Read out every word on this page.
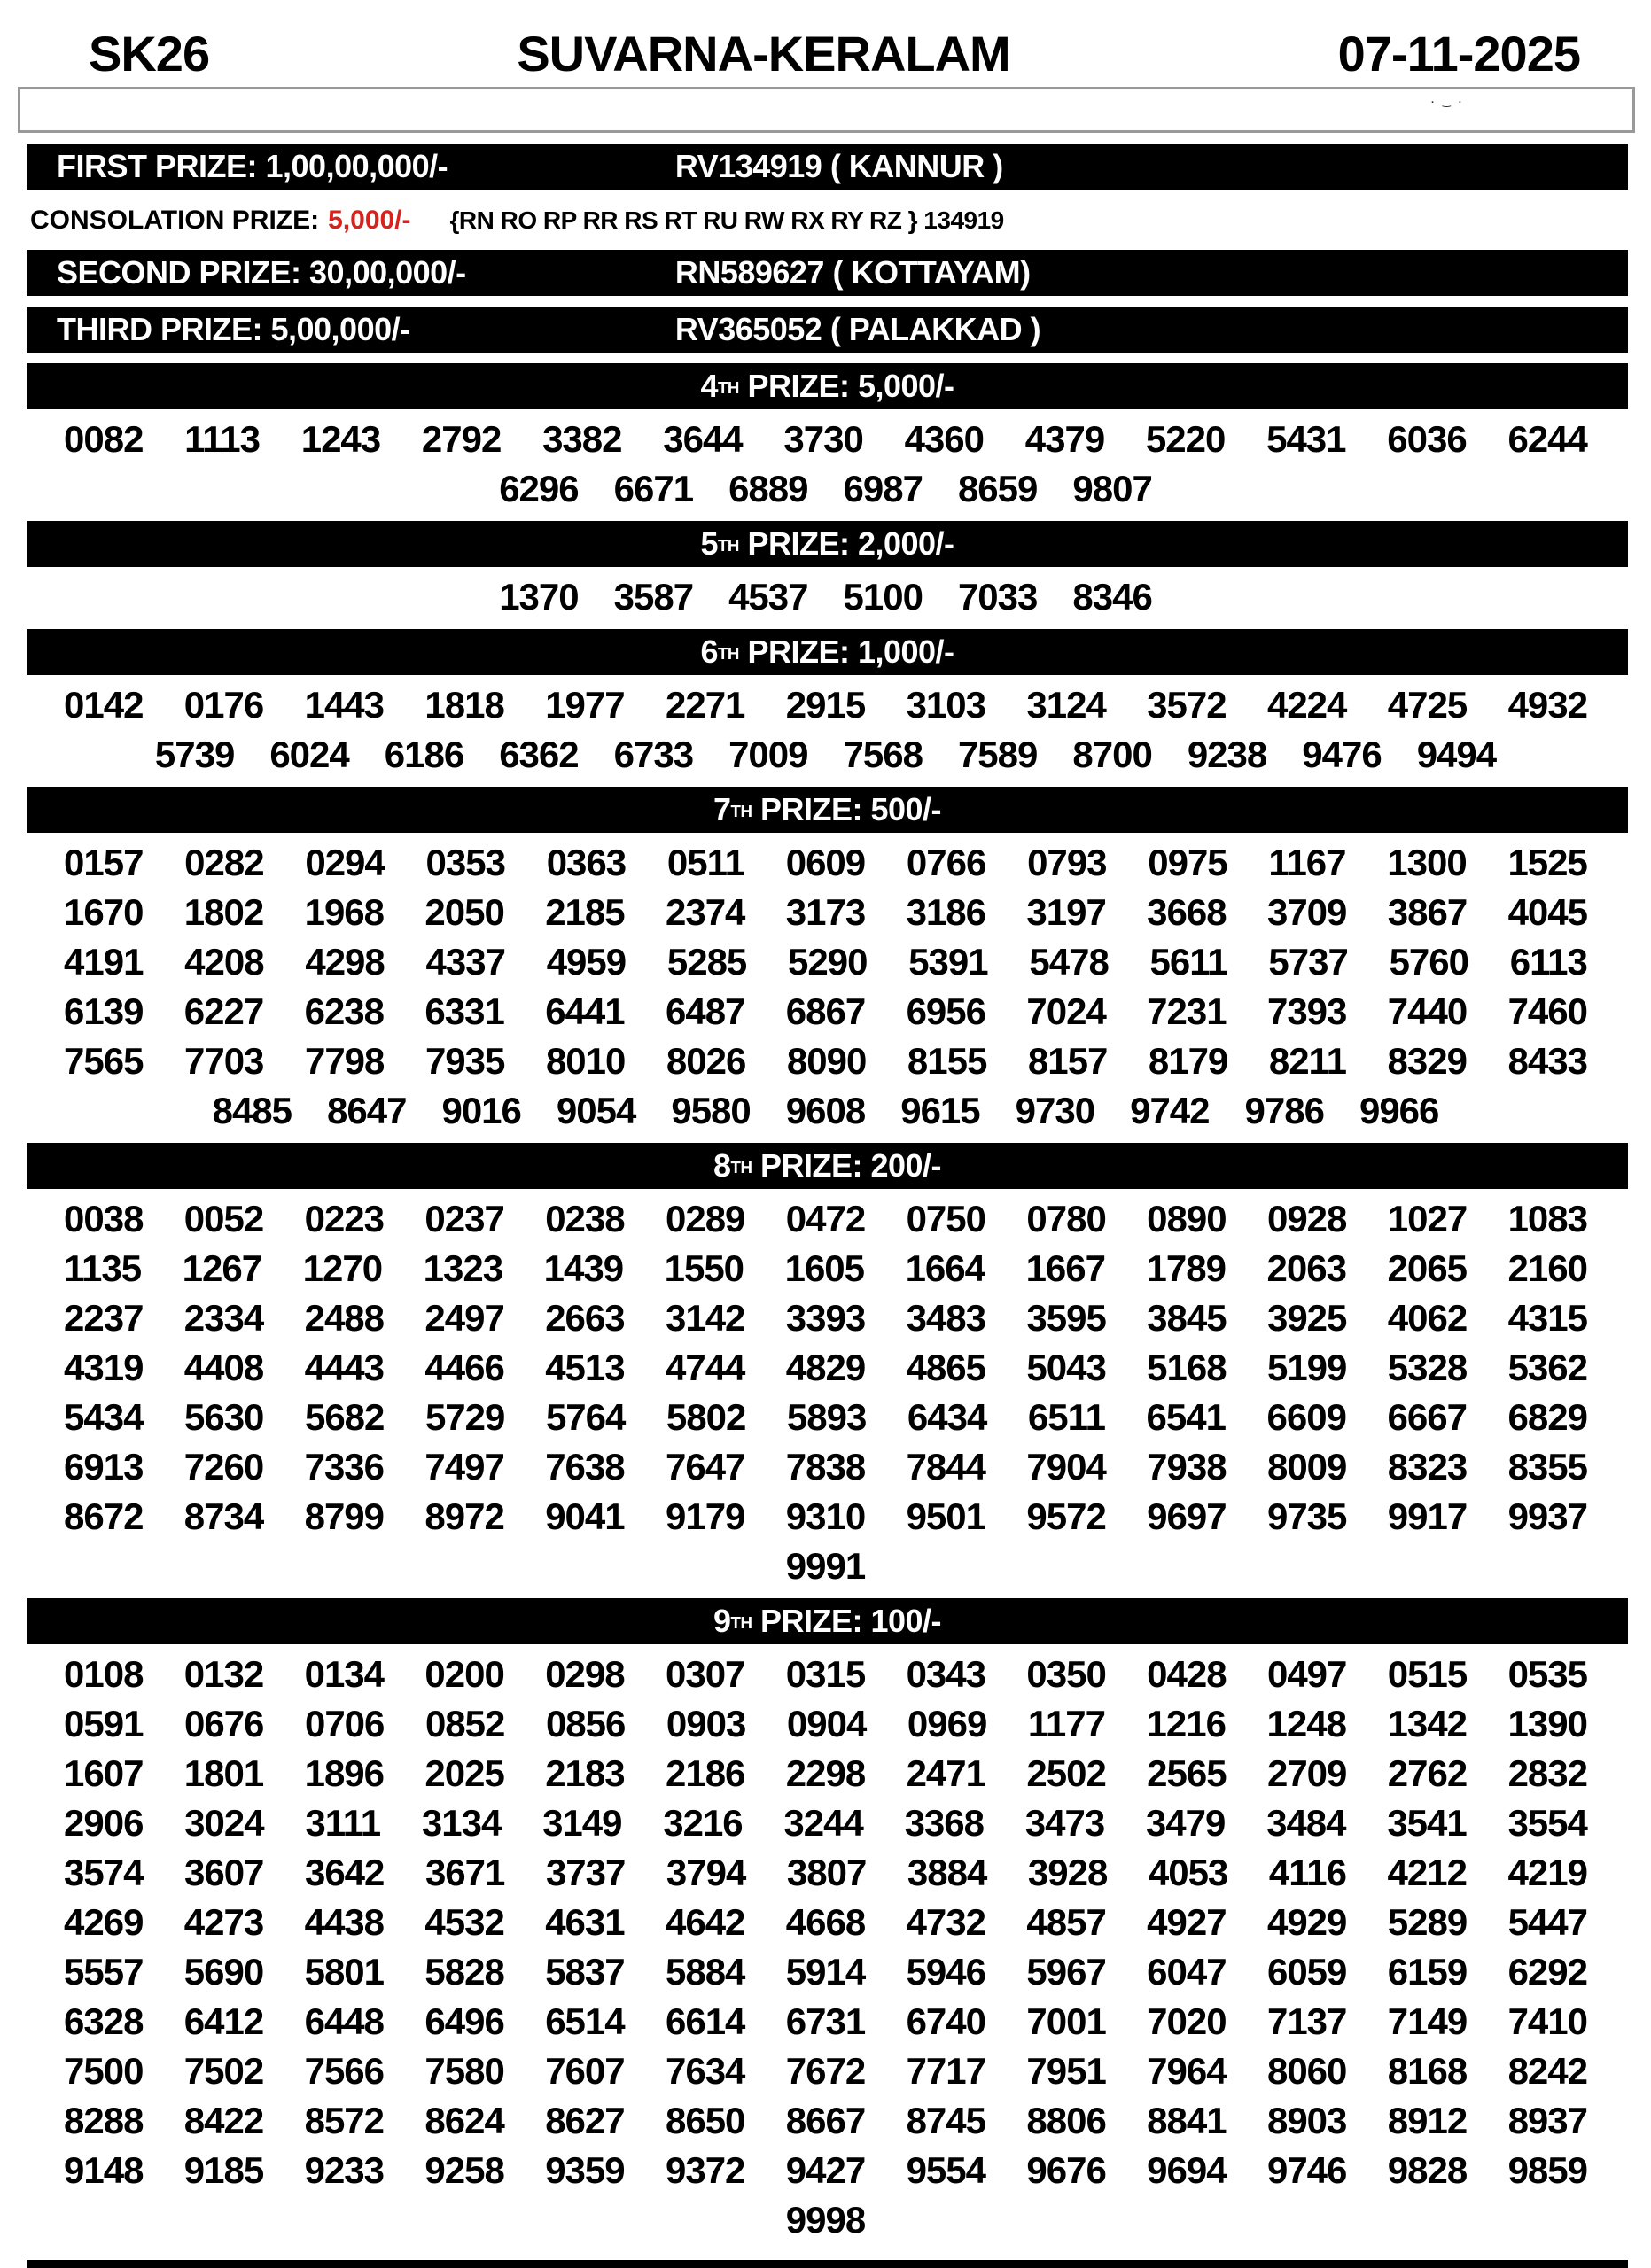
SK26	SUVARNA-KERALAM	07-11-2025
· ‿ ·
FIRST PRIZE: 1,00,00,000/-	RV134919 ( KANNUR )
CONSOLATION PRIZE: 5,000/- {RN RO RP RR RS RT RU RW RX RY RZ } 134919
SECOND PRIZE: 30,00,000/-	RN589627 ( KOTTAYAM)
THIRD PRIZE: 5,00,000/-	RV365052 ( PALAKKAD )
4TH PRIZE: 5,000/-
0082 1113 1243 2792 3382 3644 3730 4360 4379 5220 5431 6036 6244
6296 6671 6889 6987 8659 9807
5TH PRIZE: 2,000/-
1370 3587 4537 5100 7033 8346
6TH PRIZE: 1,000/-
0142 0176 1443 1818 1977 2271 2915 3103 3124 3572 4224 4725 4932
5739 6024 6186 6362 6733 7009 7568 7589 8700 9238 9476 9494
7TH PRIZE: 500/-
0157 0282 0294 0353 0363 0511 0609 0766 0793 0975 1167 1300 1525
1670 1802 1968 2050 2185 2374 3173 3186 3197 3668 3709 3867 4045
4191 4208 4298 4337 4959 5285 5290 5391 5478 5611 5737 5760 6113
6139 6227 6238 6331 6441 6487 6867 6956 7024 7231 7393 7440 7460
7565 7703 7798 7935 8010 8026 8090 8155 8157 8179 8211 8329 8433
8485 8647 9016 9054 9580 9608 9615 9730 9742 9786 9966
8TH PRIZE: 200/-
0038 0052 0223 0237 0238 0289 0472 0750 0780 0890 0928 1027 1083
1135 1267 1270 1323 1439 1550 1605 1664 1667 1789 2063 2065 2160
2237 2334 2488 2497 2663 3142 3393 3483 3595 3845 3925 4062 4315
4319 4408 4443 4466 4513 4744 4829 4865 5043 5168 5199 5328 5362
5434 5630 5682 5729 5764 5802 5893 6434 6511 6541 6609 6667 6829
6913 7260 7336 7497 7638 7647 7838 7844 7904 7938 8009 8323 8355
8672 8734 8799 8972 9041 9179 9310 9501 9572 9697 9735 9917 9937
9991
9TH PRIZE: 100/-
0108 0132 0134 0200 0298 0307 0315 0343 0350 0428 0497 0515 0535
0591 0676 0706 0852 0856 0903 0904 0969 1177 1216 1248 1342 1390
1607 1801 1896 2025 2183 2186 2298 2471 2502 2565 2709 2762 2832
2906 3024 3111 3134 3149 3216 3244 3368 3473 3479 3484 3541 3554
3574 3607 3642 3671 3737 3794 3807 3884 3928 4053 4116 4212 4219
4269 4273 4438 4532 4631 4642 4668 4732 4857 4927 4929 5289 5447
5557 5690 5801 5828 5837 5884 5914 5946 5967 6047 6059 6159 6292
6328 6412 6448 6496 6514 6614 6731 6740 7001 7020 7137 7149 7410
7500 7502 7566 7580 7607 7634 7672 7717 7951 7964 8060 8168 8242
8288 8422 8572 8624 8627 8650 8667 8745 8806 8841 8903 8912 8937
9148 9185 9233 9258 9359 9372 9427 9554 9676 9694 9746 9828 9859
9998
